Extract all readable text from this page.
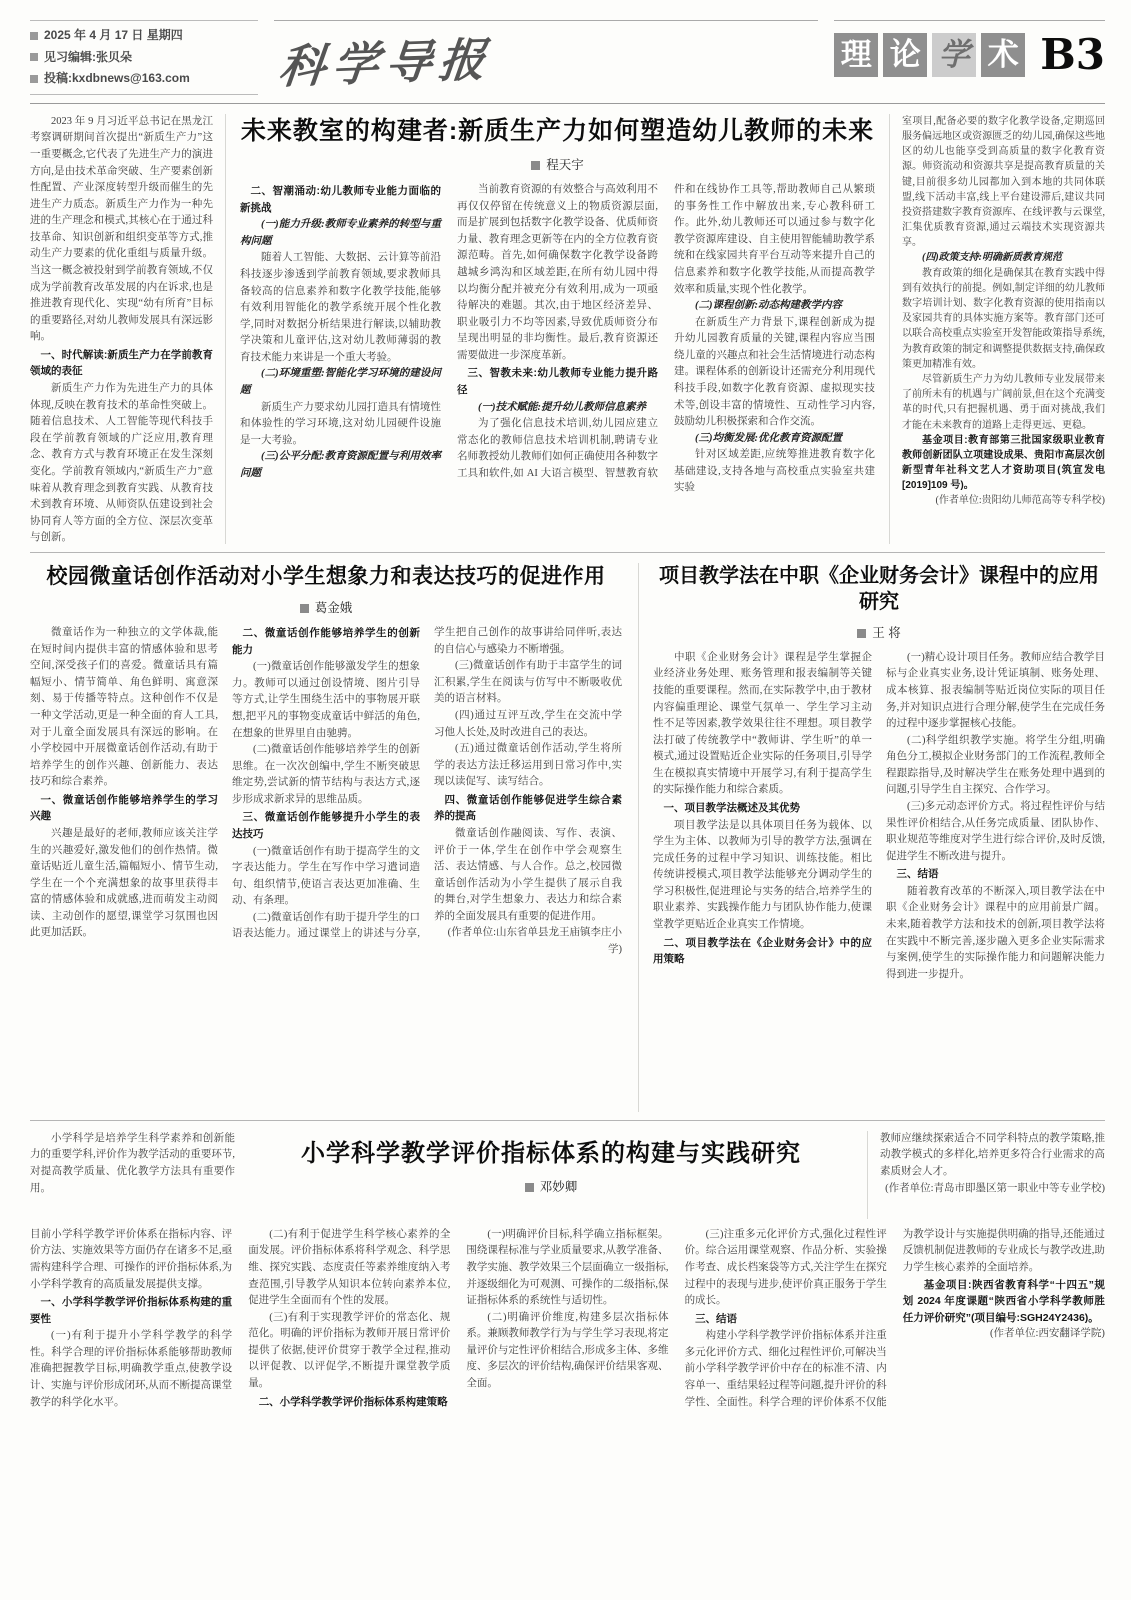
2025 年 4 月 17 日 星期四
见习编辑:张贝朵
投稿:kxdbnews@163.com	科学导报	理 论 学 术 B3
2023 年 9 月习近平总书记在黑龙江考察调研期间首次提出“新质生产力”这一重要概念,它代表了先进生产力的演进方向,是由技术革命突破、生产要素创新性配置、产业深度转型升级而催生的先进生产力质态。新质生产力作为一种先进的生产理念和模式,其核心在于通过科技革命、知识创新和组织变革等方式,推动生产力要素的优化重组与质量升级。当这一概念被投射到学前教育领域,不仅成为学前教育改革发展的内在诉求,也是推进教育现代化、实现“幼有所育”目标的重要路径,对幼儿教师发展具有深远影响。
一、时代解读:新质生产力在学前教育领域的表征
新质生产力作为先进生产力的具体体现,反映在教育技术的革命性突破上。随着信息技术、人工智能等现代科技手段在学前教育领域的广泛应用,教育理念、教育方式与教育环境正在发生深刻变化。学前教育领域内,“新质生产力”意味着从教育理念到教育实践、从教育技术到教育环境、从师资队伍建设到社会协同育人等方面的全方位、深层次变革与创新。
未来教室的构建者:新质生产力如何塑造幼儿教师的未来
程天宇
二、智潮涌动:幼儿教师专业能力面临的新挑战
(一)能力升级:教师专业素养的转型与重构问题
随着人工智能、大数据、云计算等前沿科技逐步渗透到学前教育领域,要求教师具备较高的信息素养和数字化教学技能,能够有效利用智能化的教学系统开展个性化教学,同时对数据分析结果进行解读,以辅助教学决策和儿童评估,这对幼儿教师薄弱的教育技术能力来讲是一个重大考验。
(二)环境重塑:智能化学习环境的建设问题
新质生产力要求幼儿园打造具有情境性和体验性的学习环境,这对幼儿园硬件设施是一大考验。
(三)公平分配:教育资源配置与利用效率问题
当前教育资源的有效整合与高效利用不再仅仅停留在传统意义上的物质资源层面,而是扩展到包括数字化教学设备、优质师资力量、教育理念更新等在内的全方位教育资源范畴。首先,如何确保数字化教学设备跨越城乡鸿沟和区域差距,在所有幼儿园中得以均衡分配并被充分有效利用,成为一项亟待解决的难题。其次,由于地区经济差异、职业吸引力不均等因素,导致优质师资分布呈现出明显的非均衡性。最后,教育资源还需要做进一步深度革新。
三、智教未来:幼儿教师专业能力提升路径
(一)技术赋能:提升幼儿教师信息素养
为了强化信息技术培训,幼儿园应建立常态化的教师信息技术培训机制,聘请专业名师教授幼儿教师们如何正确使用各种数字工具和软件,如 AI 大语言模型、智慧教育软件和在线协作工具等,帮助教师自己从繁琐的事务性工作中解放出来,专心教科研工作。此外,幼儿教师还可以通过参与数字化教学资源库建设、自主使用智能辅助教学系统和在线家园共育平台互动等来提升自己的信息素养和数字化教学技能,从而提高教学效率和质量,实现个性化教学。
(二)课程创新:动态构建教学内容
在新质生产力背景下,课程创新成为提升幼儿园教育质量的关键,课程内容应当围绕儿童的兴趣点和社会生活情境进行动态构建。课程体系的创新设计还需充分利用现代科技手段,如数字化教育资源、虚拟现实技术等,创设丰富的情境性、互动性学习内容,鼓励幼儿积极探索和合作交流。
(三)均衡发展:优化教育资源配置
针对区域差距,应统筹推进教育数字化基础建设,支持各地与高校重点实验室共建实验
室项目,配备必要的数字化教学设备,定期巡回服务偏远地区或资源匮乏的幼儿园,确保这些地区的幼儿也能享受到高质量的数字化教育资源。师资流动和资源共享是提高教育质量的关键,目前很多幼儿园都加入到本地的共同体联盟,线下活动丰富,线上平台建设滞后,建议共同投资搭建数字教育资源库、在线评教与云课堂,汇集优质教育资源,通过云端技术实现资源共享。
(四)政策支持:明确新质教育规范
教育政策的细化是确保其在教育实践中得到有效执行的前提。例如,制定详细的幼儿教师数字培训计划、数字化教育资源的使用指南以及家园共育的具体实施方案等。教育部门还可以联合高校重点实验室开发智能政策指导系统,为教育政策的制定和调整提供数据支持,确保政策更加精准有效。
尽管新质生产力为幼儿教师专业发展带来了前所未有的机遇与广阔前景,但在这个充满变革的时代,只有把握机遇、勇于面对挑战,我们才能在未来教育的道路上走得更远、更稳。
基金项目:教育部第三批国家级职业教育教师创新团队立项建设成果、贵阳市高层次创新型青年社科文艺人才资助项目(筑宣发电[2019]109 号)。
(作者单位:贵阳幼儿师范高等专科学校)
校园微童话创作活动对小学生想象力和表达技巧的促进作用
葛金娥
微童话作为一种独立的文学体裁,能在短时间内提供丰富的情感体验和思考空间,深受孩子们的喜爱。微童话具有篇幅短小、情节简单、角色鲜明、寓意深刻、易于传播等特点。这种创作不仅是一种文学活动,更是一种全面的育人工具,对于儿童全面发展具有深远的影响。在小学校园中开展微童话创作活动,有助于培养学生的创作兴趣、创新能力、表达技巧和综合素养。
一、微童话创作能够培养学生的学习兴趣
兴趣是最好的老师,教师应该关注学生的兴趣爱好,激发他们的创作热情。微童话贴近儿童生活,篇幅短小、情节生动,学生在一个个充满想象的故事里获得丰富的情感体验和成就感,进而萌发主动阅读、主动创作的愿望,课堂学习氛围也因此更加活跃。
二、微童话创作能够培养学生的创新能力
(一)微童话创作能够激发学生的想象力。教师可以通过创设情境、图片引导等方式,让学生围绕生活中的事物展开联想,把平凡的事物变成童话中鲜活的角色,在想象的世界里自由驰骋。
(二)微童话创作能够培养学生的创新思维。在一次次创编中,学生不断突破思维定势,尝试新的情节结构与表达方式,逐步形成求新求异的思维品质。
三、微童话创作能够提升小学生的表达技巧
(一)微童话创作有助于提高学生的文字表达能力。学生在写作中学习遣词造句、组织情节,使语言表达更加准确、生动、有条理。
(二)微童话创作有助于提升学生的口语表达能力。通过课堂上的讲述与分享,学生把自己创作的故事讲给同伴听,表达的自信心与感染力不断增强。
(三)微童话创作有助于丰富学生的词汇积累,学生在阅读与仿写中不断吸收优美的语言材料。
(四)通过互评互改,学生在交流中学习他人长处,及时改进自己的表达。
(五)通过微童话创作活动,学生将所学的表达方法迁移运用到日常习作中,实现以读促写、读写结合。
四、微童话创作能够促进学生综合素养的提高
微童话创作融阅读、写作、表演、评价于一体,学生在创作中学会观察生活、表达情感、与人合作。总之,校园微童话创作活动为小学生提供了展示自我的舞台,对学生想象力、表达力和综合素养的全面发展具有重要的促进作用。
(作者单位:山东省单县龙王庙镇李庄小学)
项目教学法在中职《企业财务会计》课程中的应用研究
王 将
中职《企业财务会计》课程是学生掌握企业经济业务处理、账务管理和报表编制等关键技能的重要课程。然而,在实际教学中,由于教材内容偏重理论、课堂气氛单一、学生学习主动性不足等因素,教学效果往往不理想。项目教学法打破了传统教学中“教师讲、学生听”的单一模式,通过设置贴近企业实际的任务项目,引导学生在模拟真实情境中开展学习,有利于提高学生的实际操作能力和综合素质。
一、项目教学法概述及其优势
项目教学法是以具体项目任务为载体、以学生为主体、以教师为引导的教学方法,强调在完成任务的过程中学习知识、训练技能。相比传统讲授模式,项目教学法能够充分调动学生的学习积极性,促进理论与实务的结合,培养学生的职业素养、实践操作能力与团队协作能力,使课堂教学更贴近企业真实工作情境。
二、项目教学法在《企业财务会计》中的应用策略
(一)精心设计项目任务。教师应结合教学目标与企业真实业务,设计凭证填制、账务处理、成本核算、报表编制等贴近岗位实际的项目任务,并对知识点进行合理分解,使学生在完成任务的过程中逐步掌握核心技能。
(二)科学组织教学实施。将学生分组,明确角色分工,模拟企业财务部门的工作流程,教师全程跟踪指导,及时解决学生在账务处理中遇到的问题,引导学生自主探究、合作学习。
(三)多元动态评价方式。将过程性评价与结果性评价相结合,从任务完成质量、团队协作、职业规范等维度对学生进行综合评价,及时反馈,促进学生不断改进与提升。
三、结语
随着教育改革的不断深入,项目教学法在中职《企业财务会计》课程中的应用前景广阔。未来,随着教学方法和技术的创新,项目教学法将在实践中不断完善,逐步融入更多企业实际需求与案例,使学生的实际操作能力和问题解决能力得到进一步提升。
小学科学是培养学生科学素养和创新能力的重要学科,评价作为教学活动的重要环节,对提高教学质量、优化教学方法具有重要作用。
小学科学教学评价指标体系的构建与实践研究
邓妙卿
教师应继续探索适合不同学科特点的教学策略,推动教学模式的多样化,培养更多符合行业需求的高素质财会人才。
(作者单位:青岛市即墨区第一职业中等专业学校)
目前小学科学教学评价体系在指标内容、评价方法、实施效果等方面仍存在诸多不足,亟需构建科学合理、可操作的评价指标体系,为小学科学教育的高质量发展提供支撑。
一、小学科学教学评价指标体系构建的重要性
(一)有利于提升小学科学教学的科学性。科学合理的评价指标体系能够帮助教师准确把握教学目标,明确教学重点,使教学设计、实施与评价形成闭环,从而不断提高课堂教学的科学化水平。
(二)有利于促进学生科学核心素养的全面发展。评价指标体系将科学观念、科学思维、探究实践、态度责任等素养维度纳入考查范围,引导教学从知识本位转向素养本位,促进学生全面而有个性的发展。
(三)有利于实现教学评价的常态化、规范化。明确的评价指标为教师开展日常评价提供了依据,使评价贯穿于教学全过程,推动以评促教、以评促学,不断提升课堂教学质量。
二、小学科学教学评价指标体系构建策略
(一)明确评价目标,科学确立指标框架。围绕课程标准与学业质量要求,从教学准备、教学实施、教学效果三个层面确立一级指标,并逐级细化为可观测、可操作的二级指标,保证指标体系的系统性与适切性。
(二)明确评价维度,构建多层次指标体系。兼顾教师教学行为与学生学习表现,将定量评价与定性评价相结合,形成多主体、多维度、多层次的评价结构,确保评价结果客观、全面。
(三)注重多元化评价方式,强化过程性评价。综合运用课堂观察、作品分析、实验操作考查、成长档案袋等方式,关注学生在探究过程中的表现与进步,使评价真正服务于学生的成长。
三、结语
构建小学科学教学评价指标体系并注重多元化评价方式、细化过程性评价,可解决当前小学科学教学评价中存在的标准不清、内容单一、重结果轻过程等问题,提升评价的科学性、全面性。科学合理的评价体系不仅能为教学设计与实施提供明确的指导,还能通过反馈机制促进教师的专业成长与教学改进,助力学生核心素养的全面培养。
基金项目:陕西省教育科学“十四五”规划 2024 年度课题“陕西省小学科学教师胜任力评价研究”(项目编号:SGH24Y2436)。
(作者单位:西安翻译学院)
